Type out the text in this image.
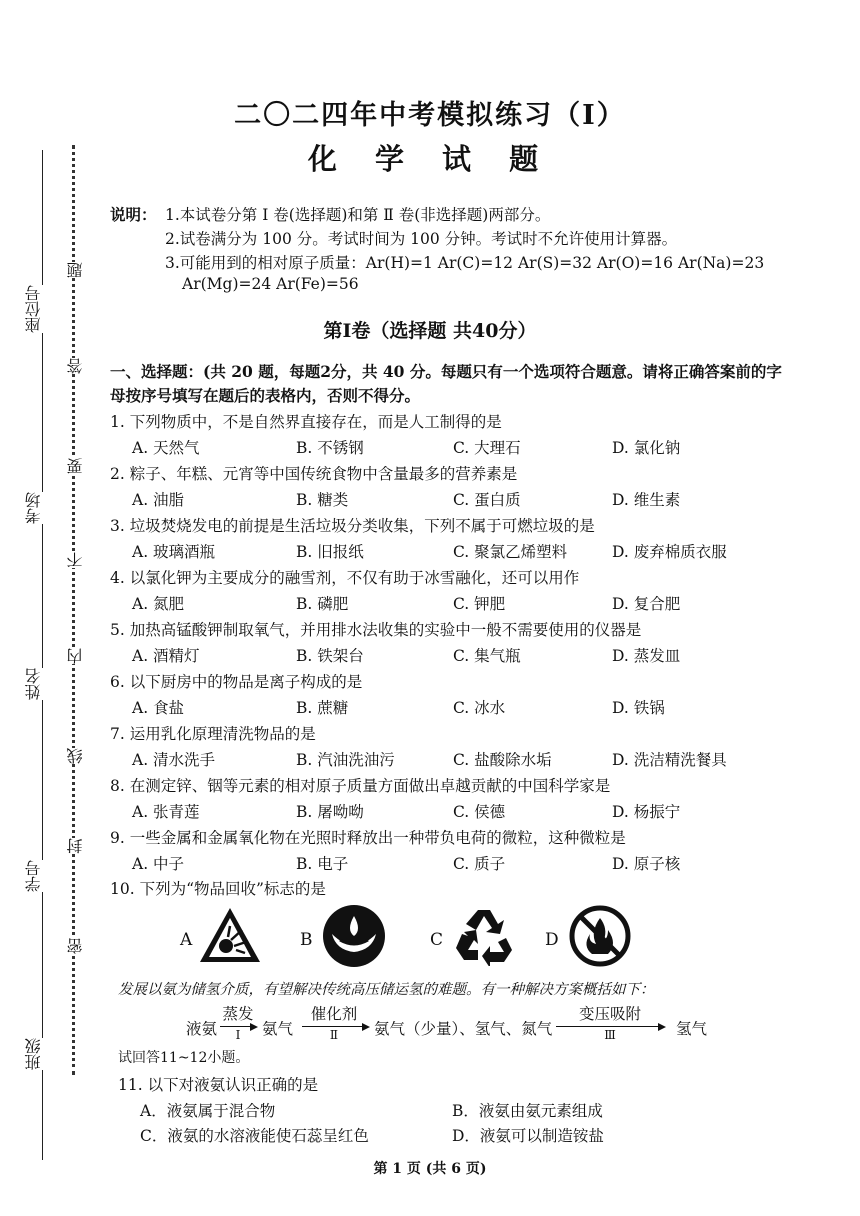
座位号
考场
姓名
学号
班级
题
答
要
不
内
线
封
密
二〇二四年中考模拟练习（Ⅰ）
化 学 试 题
说明： 1.本试卷分第 Ⅰ 卷(选择题)和第 Ⅱ 卷(非选择题)两部分。
2.试卷满分为 100 分。考试时间为 100 分钟。考试时不允许使用计算器。
3.可能用到的相对原子质量：Ar(H)=1 Ar(C)=12 Ar(S)=32 Ar(O)=16 Ar(Na)=23
Ar(Mg)=24 Ar(Fe)=56
第Ⅰ卷（选择题 共40分）
一、选择题：(共 20 题，每题2分，共 40 分。每题只有一个选项符合题意。请将正确答案前的字
母按序号填写在题后的表格内，否则不得分。
1. 下列物质中，不是自然界直接存在，而是人工制得的是
A. 天然气	B. 不锈钢	C. 大理石	D. 氯化钠
2. 粽子、年糕、元宵等中国传统食物中含量最多的营养素是
A. 油脂	B. 糖类	C. 蛋白质	D. 维生素
3. 垃圾焚烧发电的前提是生活垃圾分类收集，下列不属于可燃垃圾的是
A. 玻璃酒瓶	B. 旧报纸	C. 聚氯乙烯塑料	D. 废弃棉质衣服
4. 以氯化钾为主要成分的融雪剂，不仅有助于冰雪融化，还可以用作
A. 氮肥	B. 磷肥	C. 钾肥	D. 复合肥
5. 加热高锰酸钾制取氧气，并用排水法收集的实验中一般不需要使用的仪器是
A. 酒精灯	B. 铁架台	C. 集气瓶	D. 蒸发皿
6. 以下厨房中的物品是离子构成的是
A. 食盐	B. 蔗糖	C. 冰水	D. 铁锅
7. 运用乳化原理清洗物品的是
A. 清水洗手	B. 汽油洗油污	C. 盐酸除水垢	D. 洗洁精洗餐具
8. 在测定锌、铟等元素的相对原子质量方面做出卓越贡献的中国科学家是
A. 张青莲	B. 屠呦呦	C. 侯德	D. 杨振宁
9. 一些金属和金属氧化物在光照时释放出一种带负电荷的微粒，这种微粒是
A. 中子	B. 电子	C. 质子	D. 原子核
10. 下列为“物品回收”标志的是
A	B	C	D
发展以氨为储氢介质，有望解决传统高压储运氢的难题。有一种解决方案概括如下：
液氨
蒸发
Ⅰ	氨气
催化剂
Ⅱ	氨气（少量）、氢气、氮气
变压吸附
Ⅲ	氢气
试回答11~12小题。
11. 以下对液氨认识正确的是
A．液氨属于混合物	B．液氨由氨元素组成
C．液氨的水溶液能使石蕊呈红色	D．液氨可以制造铵盐
第 1 页 (共 6 页)
